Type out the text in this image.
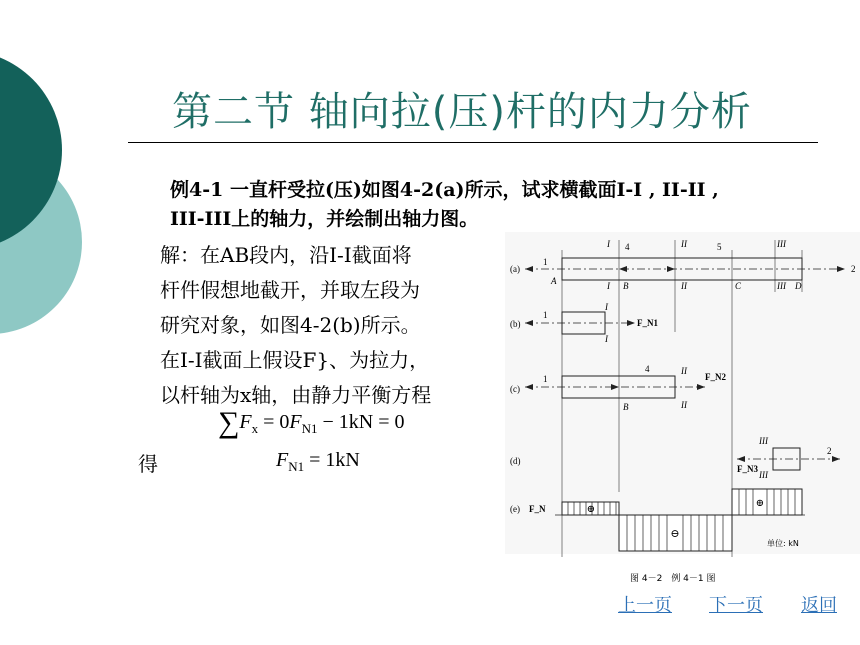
第二节 轴向拉(压)杆的内力分析
例4-1 一直杆受拉(压)如图4-2(a)所示，试求横截面I-I , II-II ,
III-III上的轴力，并绘制出轴力图。
解：在AB段内，沿I-I截面将
杆件假想地截开，并取左段为
研究对象，如图4-2(b)所示。
在I-I截面上假设F}、为拉力，
以杆轴为x轴，由静力平衡方程
$\sum F_x = 0F_{N1} - 1kN = 0$
得	$F_{N1} = 1kN$
(a)
1
2
4	5
I	II	III
I	II	III
A	B	C	D
(b)
1
I
I
F_N1
(c)
1
4	II
II
B
F_N2
(d)
2
III
III
F_N3
(e) F_N	⊕
⊖
⊕
单位: kN
图 4－2　例 4－1 图
上一页 下一页 返回
